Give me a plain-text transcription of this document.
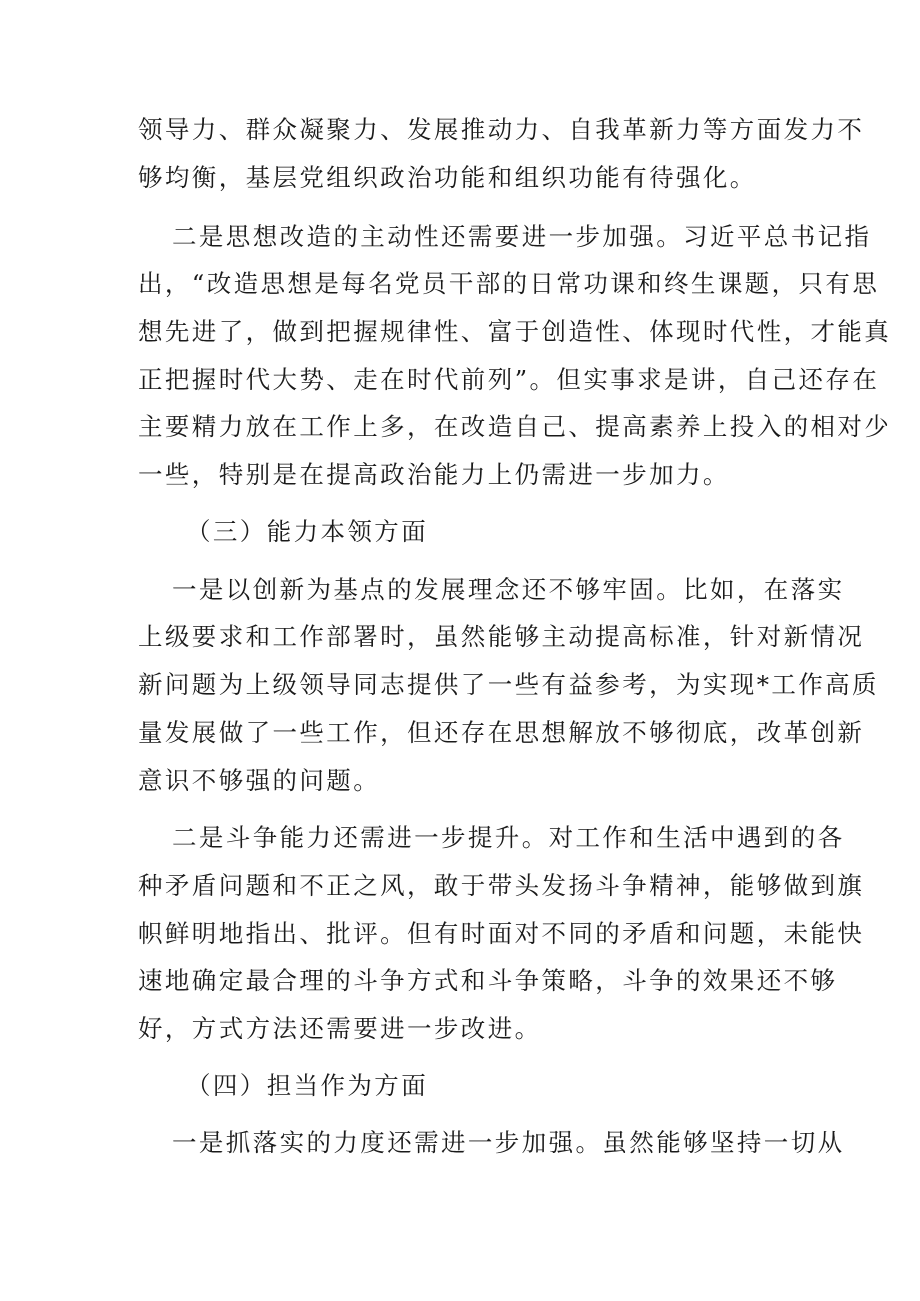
领导力、群众凝聚力、发展推动力、自我革新力等方面发力不
够均衡，基层党组织政治功能和组织功能有待强化。
二是思想改造的主动性还需要进一步加强。习近平总书记指
出，“改造思想是每名党员干部的日常功课和终生课题，只有思
想先进了，做到把握规律性、富于创造性、体现时代性，才能真
正把握时代大势、走在时代前列”。但实事求是讲，自己还存在
主要精力放在工作上多，在改造自己、提高素养上投入的相对少
一些，特别是在提高政治能力上仍需进一步加力。
（三）能力本领方面
一是以创新为基点的发展理念还不够牢固。比如，在落实
上级要求和工作部署时，虽然能够主动提高标准，针对新情况
新问题为上级领导同志提供了一些有益参考，为实现*工作高质
量发展做了一些工作，但还存在思想解放不够彻底，改革创新
意识不够强的问题。
二是斗争能力还需进一步提升。对工作和生活中遇到的各
种矛盾问题和不正之风，敢于带头发扬斗争精神，能够做到旗
帜鲜明地指出、批评。但有时面对不同的矛盾和问题，未能快
速地确定最合理的斗争方式和斗争策略，斗争的效果还不够
好，方式方法还需要进一步改进。
（四）担当作为方面
一是抓落实的力度还需进一步加强。虽然能够坚持一切从
